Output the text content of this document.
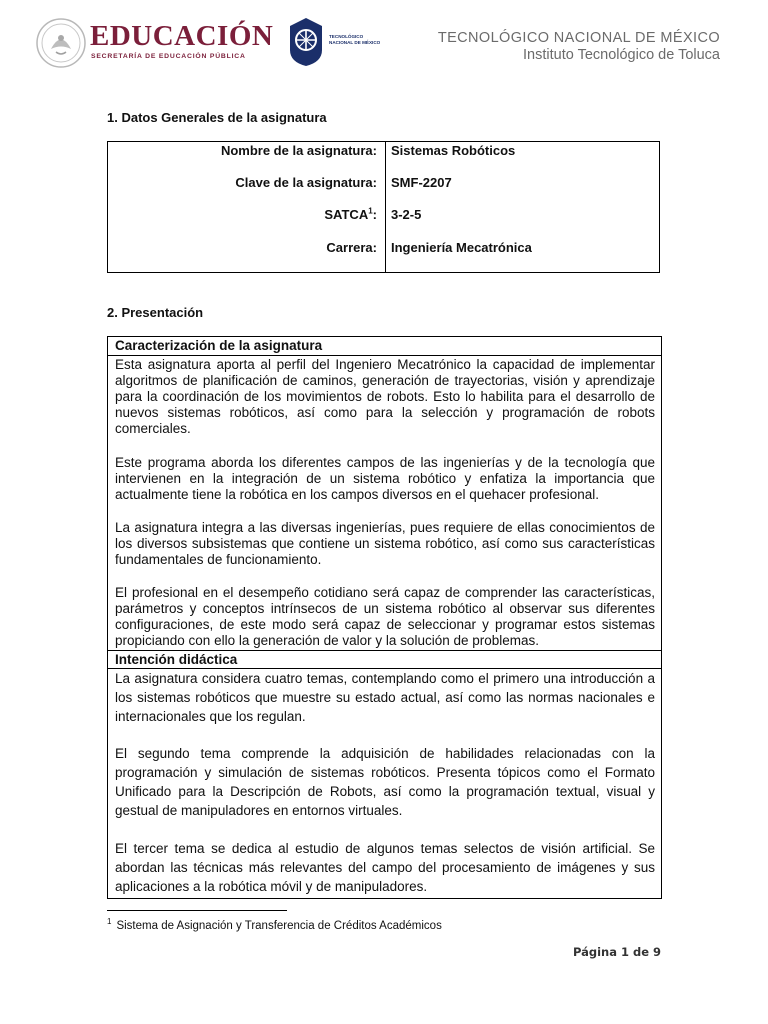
EDUCACIÓN
SECRETARÍA DE EDUCACIÓN PÚBLICA
TECNOLÓGICO
NACIONAL DE MÉXICO	TECNOLÓGICO NACIONAL DE MÉXICO
Instituto Tecnológico de Toluca
1. Datos Generales de la asignatura
Nombre de la asignatura: Sistemas Robóticos
Clave de la asignatura: SMF-2207
SATCA$^1$: 3-2-5
Carrera: Ingeniería Mecatrónica
2. Presentación
Caracterización de la asignatura

Esta asignatura aporta al perfil del Ingeniero Mecatrónico la capacidad de implementar algoritmos de planificación de caminos, generación de trayectorias, visión y aprendizaje para la coordinación de los movimientos de robots. Esto lo habilita para el desarrollo de nuevos sistemas robóticos, así como para la selección y programación de robots comerciales.

Este programa aborda los diferentes campos de las ingenierías y de la tecnología que intervienen en la integración de un sistema robótico y enfatiza la importancia que actualmente tiene la robótica en los campos diversos en el quehacer profesional.

La asignatura integra a las diversas ingenierías, pues requiere de ellas conocimientos de los diversos subsistemas que contiene un sistema robótico, así como sus características fundamentales de funcionamiento.

El profesional en el desempeño cotidiano será capaz de comprender las características, parámetros y conceptos intrínsecos de un sistema robótico al observar sus diferentes configuraciones, de este modo será capaz de seleccionar y programar estos sistemas propiciando con ello la generación de valor y la solución de problemas.

Intención didáctica

La asignatura considera cuatro temas, contemplando como el primero una introducción a los sistemas robóticos que muestre su estado actual, así como las normas nacionales e internacionales que los regulan.

El segundo tema comprende la adquisición de habilidades relacionadas con la programación y simulación de sistemas robóticos. Presenta tópicos como el Formato Unificado para la Descripción de Robots, así como la programación textual, visual y gestual de manipuladores en entornos virtuales.

El tercer tema se dedica al estudio de algunos temas selectos de visión artificial. Se abordan las técnicas más relevantes del campo del procesamiento de imágenes y sus aplicaciones a la robótica móvil y de manipuladores.

$^1$ Sistema de Asignación y Transferencia de Créditos Académicos
Página 1 de 9
